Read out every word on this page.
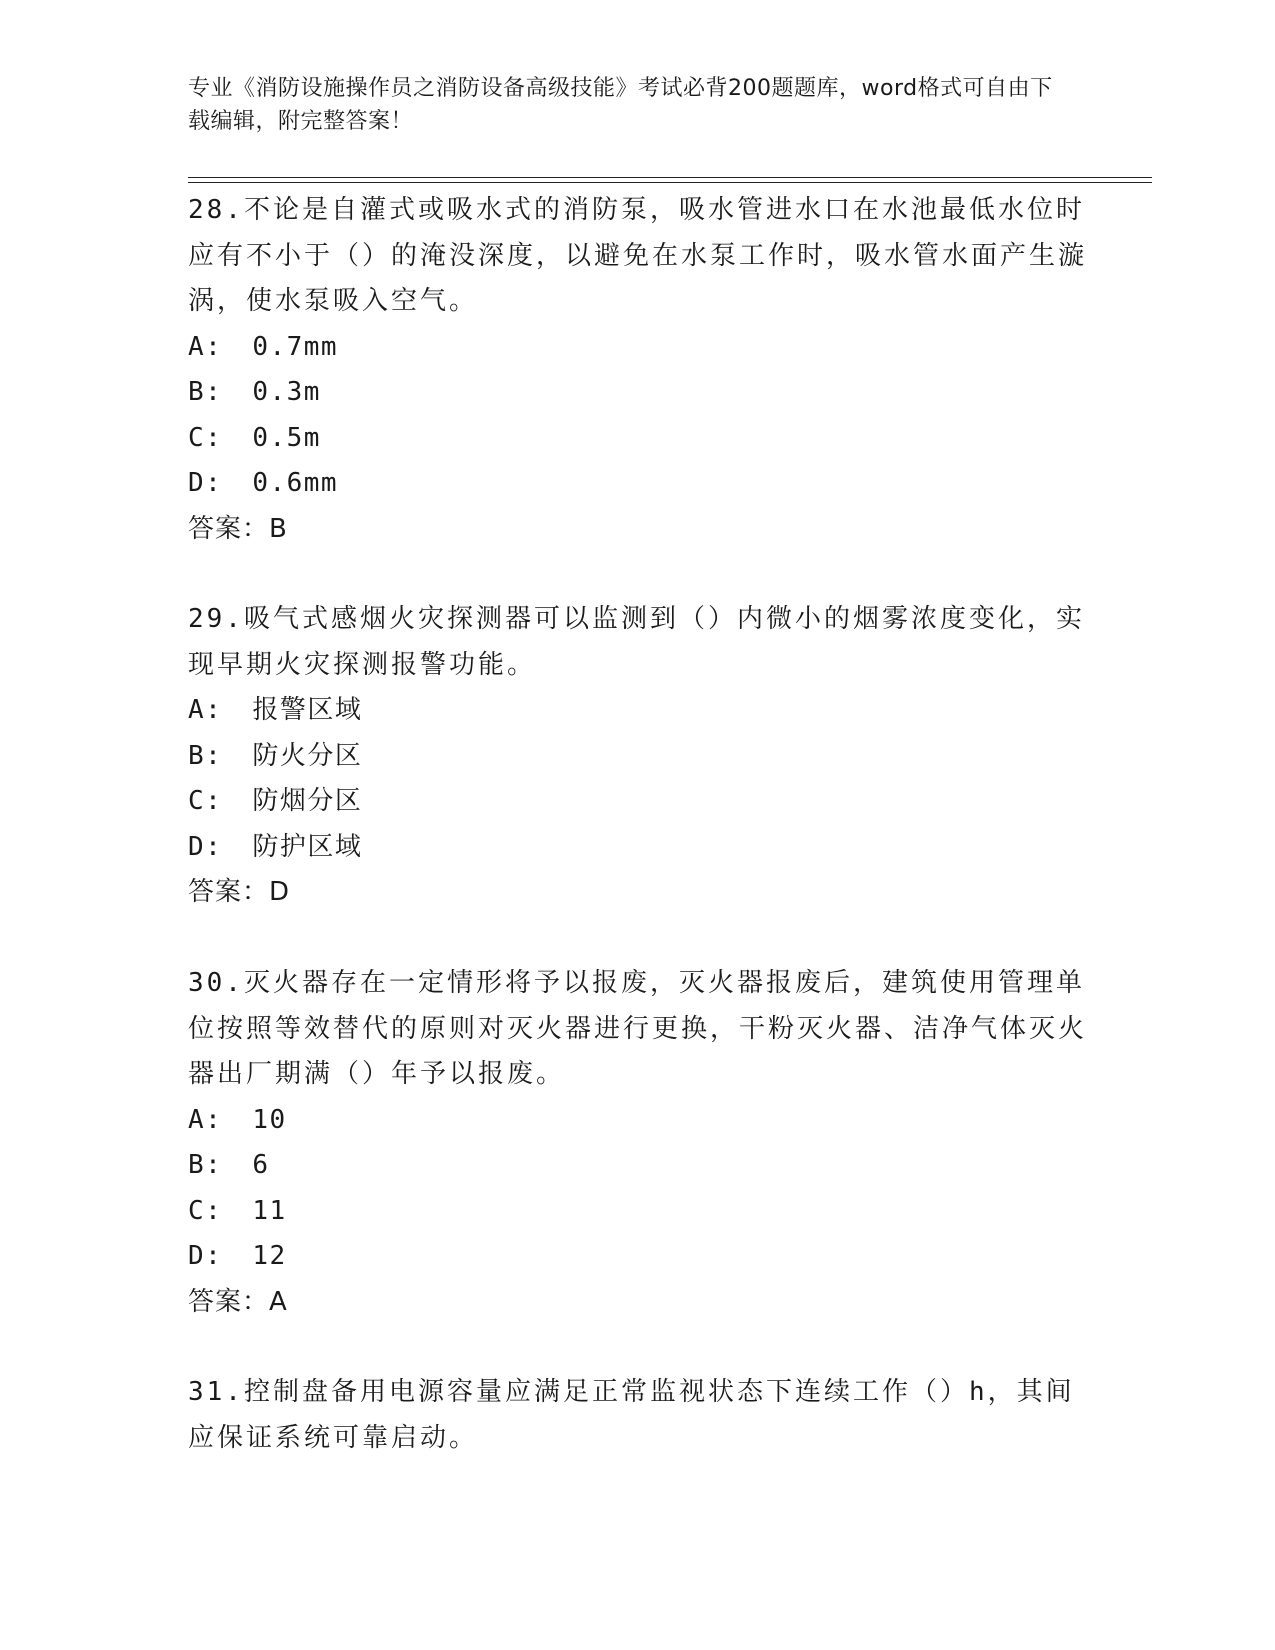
专业《消防设施操作员之消防设备高级技能》考试必背200题题库，word格式可自由下载编辑，附完整答案！

28.不论是自灌式或吸水式的消防泵，吸水管进水口在水池最低水位时应有不小于（）的淹没深度，以避免在水泵工作时，吸水管水面产生漩涡，使水泵吸入空气。

A: 0.7mm
B: 0.3m
C: 0.5m
D: 0.6mm
答案：B

29.吸气式感烟火灾探测器可以监测到（）内微小的烟雾浓度变化，实现早期火灾探测报警功能。

A: 报警区域
B: 防火分区
C: 防烟分区
D: 防护区域
答案：D

30.灭火器存在一定情形将予以报废，灭火器报废后，建筑使用管理单位按照等效替代的原则对灭火器进行更换，干粉灭火器、洁净气体灭火器出厂期满（）年予以报废。

A: 10
B: 6
C: 11
D: 12
答案：A

31.控制盘备用电源容量应满足正常监视状态下连续工作（）h，其间应保证系统可靠启动。
